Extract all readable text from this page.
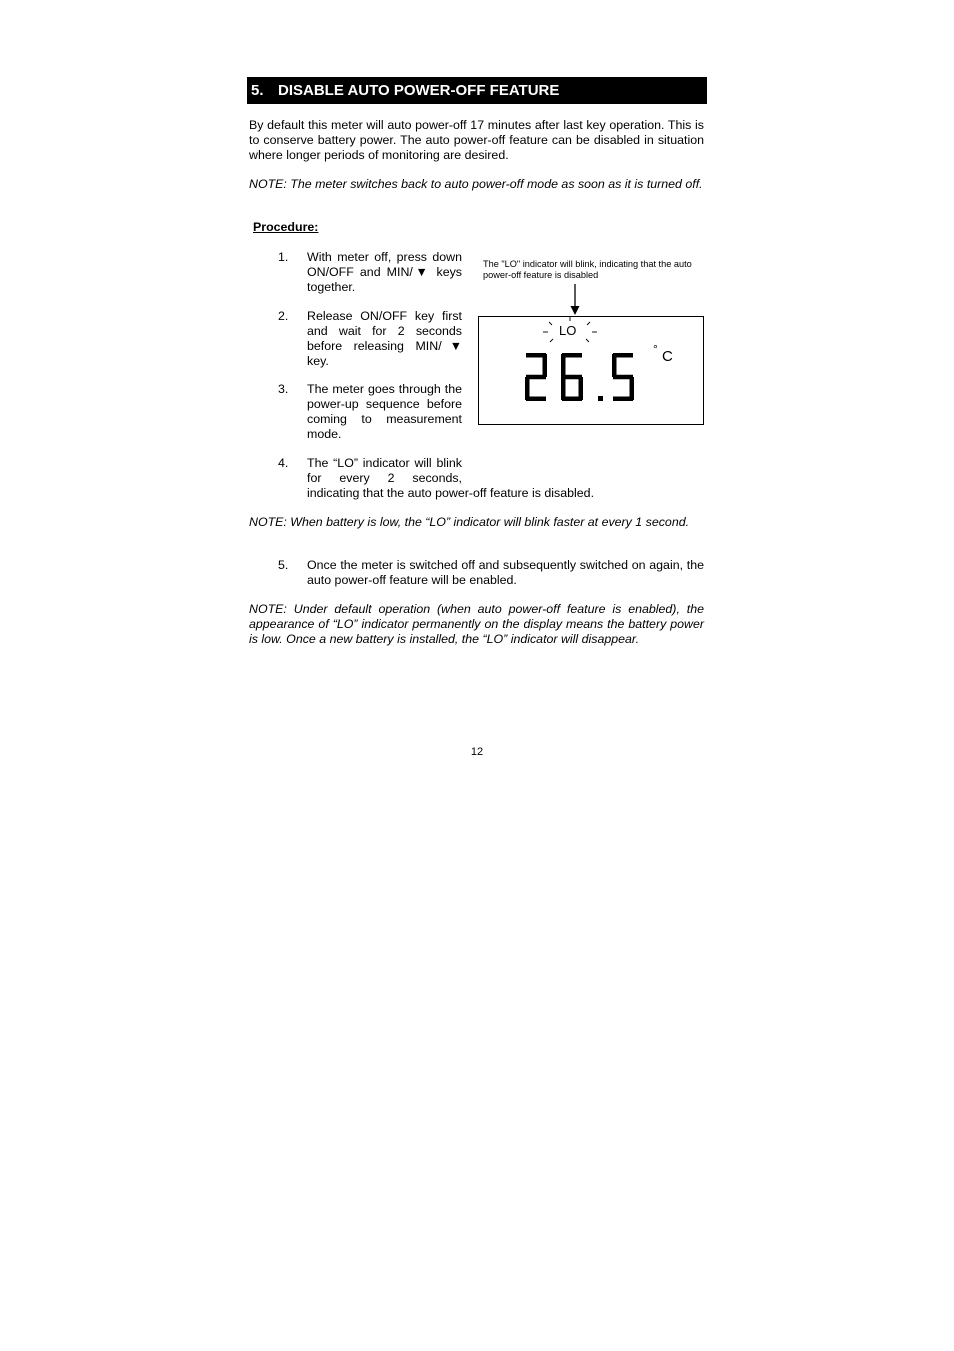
5. DISABLE AUTO POWER-OFF FEATURE

By default this meter will auto power-off 17 minutes after last key operation. This is to conserve battery power. The auto power-off feature can be disabled in situation where longer periods of monitoring are desired.

NOTE: The meter switches back to auto power-off mode as soon as it is turned off.

Procedure:

1. With meter off, press down ON/OFF and MIN/▼ keys together.
2. Release ON/OFF key first and wait for 2 seconds before releasing MIN/▼ key.
3. The meter goes through the power-up sequence before coming to measurement mode.
4. The “LO” indicator will blink
for every 2 seconds,
indicating that the auto power-off feature is disabled.

NOTE: When battery is low, the “LO” indicator will blink faster at every 1 second.

5. Once the meter is switched off and subsequently switched on again, the auto power-off feature will be enabled.

NOTE: Under default operation (when auto power-off feature is enabled), the appearance of “LO” indicator permanently on the display means the battery power is low. Once a new battery is installed, the “LO” indicator will disappear.

The "LO" indicator will blink, indicating that the auto power-off feature is disabled

LO
° C

12
